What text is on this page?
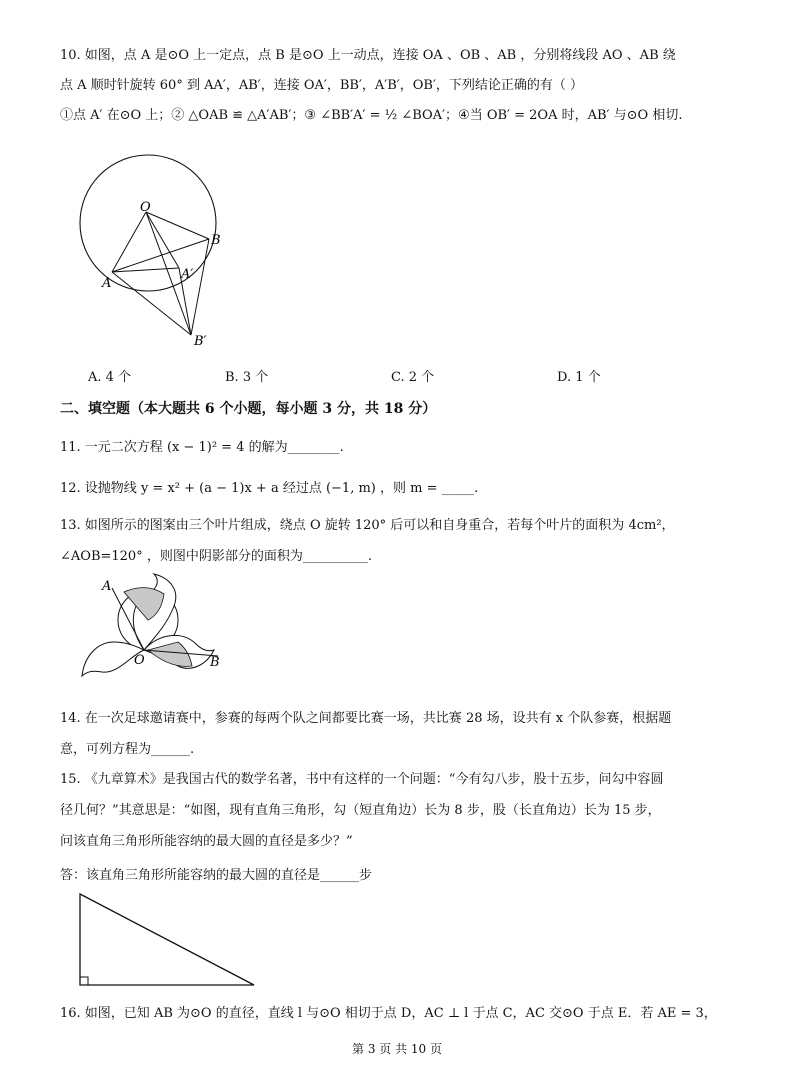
10. 如图，点 A 是⊙O 上一定点，点 B 是⊙O 上一动点，连接 OA 、OB 、AB ，分别将线段 AO 、AB 绕
点 A 顺时针旋转 60° 到 AA′，AB′，连接 OA′，BB′，A′B′，OB′，下列结论正确的有（ ）
①点 A′ 在⊙O 上；② △OAB ≌ △A′AB′；③ ∠BB′A′ = ½ ∠BOA′；④当 OB′ = 2OA 时，AB′ 与⊙O 相切.
O
A
B
A′
B′
A. 4 个	B. 3 个	C. 2 个	D. 1 个
二、填空题（本大题共 6 个小题，每小题 3 分，共 18 分）
11. 一元二次方程 (x − 1)² = 4 的解为________.
12. 设抛物线 y = x² + (a − 1)x + a 经过点 (−1, m) ，则 m = _____.
13. 如图所示的图案由三个叶片组成，绕点 O 旋转 120° 后可以和自身重合，若每个叶片的面积为 4cm²，
∠AOB=120° ，则图中阴影部分的面积为__________.
A
O	B
14. 在一次足球邀请赛中，参赛的每两个队之间都要比赛一场，共比赛 28 场，设共有 x 个队参赛，根据题
意，可列方程为______.
15. 《九章算术》是我国古代的数学名著，书中有这样的一个问题：“今有勾八步，股十五步，问勾中容圆
径几何？”其意思是：“如图，现有直角三角形，勾（短直角边）长为 8 步，股（长直角边）长为 15 步，
问该直角三角形所能容纳的最大圆的直径是多少？”
答：该直角三角形所能容纳的最大圆的直径是______步
16. 如图，已知 AB 为⊙O 的直径，直线 l 与⊙O 相切于点 D，AC ⊥ l 于点 C，AC 交⊙O 于点 E．若 AE = 3，
第 3 页 共 10 页
